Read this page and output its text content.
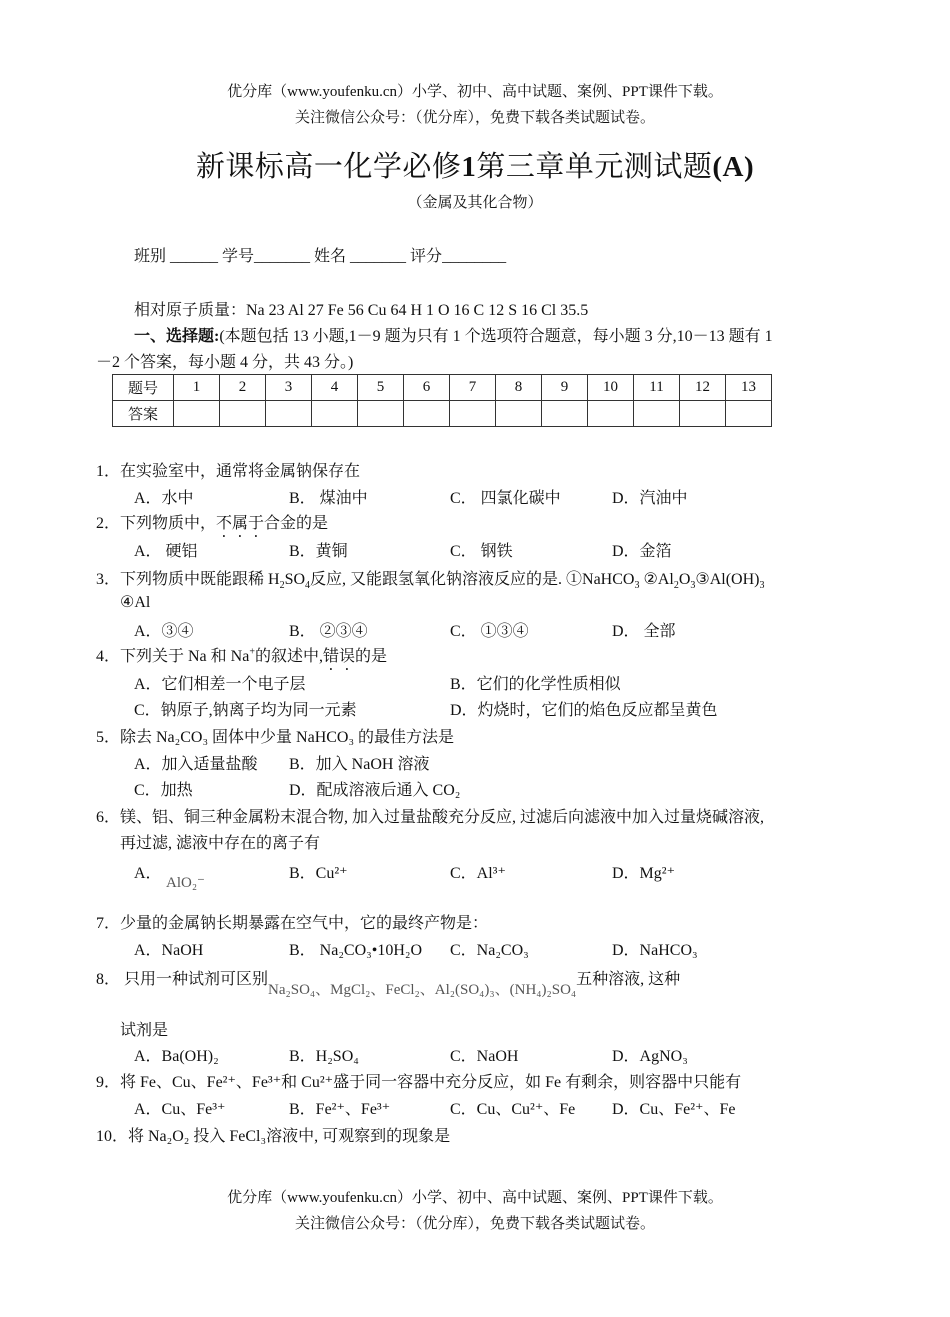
优分库（www.youfenku.cn）小学、初中、高中试题、案例、PPT课件下载。
关注微信公众号：（优分库），免费下载各类试题试卷。
新课标高一化学必修1第三章单元测试题(A)
（金属及其化合物）
班别 ______ 学号_______ 姓名 _______ 评分________
相对原子质量：Na 23 Al 27 Fe 56 Cu 64 H 1 O 16 C 12 S 16 Cl 35.5
一、选择题:(本题包括 13 小题,1－9 题为只有 1 个选项符合题意，每小题 3 分,10－13 题有 1
－2 个答案，每小题 4 分，共 43 分。)
题号	1	2	3	4	5	6	7	8	9	10	11	12	13
答案													
1．在实验室中，通常将金属钠保存在
A．水中	B． 煤油中	C． 四氯化碳中	D．汽油中
2．下列物质中，不属于合金的是
A． 硬铝	B．黄铜	C． 钢铁	D．金箔
3．下列物质中既能跟稀 $H_2SO_4$反应, 又能跟氢氧化钠溶液反应的是. ①NaHCO$_3$ $②Al_2O_3③Al(OH)_3$
④Al
A．③④	B． ②③④	C． ①③④	D． 全部
4．下列关于 Na 和 Na+的叙述中,错误的是
A．它们相差一个电子层	B．它们的化学性质相似
C．钠原子,钠离子均为同一元素	D．灼烧时，它们的焰色反应都呈黄色
5．除去 Na₂CO₃ 固体中少量 NaHCO₃ 的最佳方法是
A．加入适量盐酸 B．加入 NaOH 溶液
C．加热	D．配成溶液后通入 CO₂
6．镁、铝、铜三种金属粉末混合物, 加入过量盐酸充分反应, 过滤后向滤液中加入过量烧碱溶液,
再过滤, 滤液中存在的离子有
A．
AlO₂⁻
B．Cu²⁺	C．Al³⁺	D．Mg²⁺
7．少量的金属钠长期暴露在空气中，它的最终产物是：
A．NaOH	B． Na₂CO₃•10H₂O C．Na₂CO₃	D．NaHCO₃
8． 只用一种试剂可区别Na₂SO₄、MgCl₂、FeCl₂、Al₂(SO₄)₃、(NH₄)₂SO₄五种溶液, 这种
试剂是
A．Ba(OH)₂	B．H₂SO₄	C．NaOH	D．AgNO₃
9．将 Fe、Cu、Fe²⁺、Fe³⁺和 Cu²⁺盛于同一容器中充分反应，如 Fe 有剩余，则容器中只能有
A．Cu、Fe³⁺	B．Fe²⁺、Fe³⁺	C．Cu、Cu²⁺、Fe D．Cu、Fe²⁺、Fe
10．将 Na₂O₂ 投入 FeCl₃溶液中, 可观察到的现象是
优分库（www.youfenku.cn）小学、初中、高中试题、案例、PPT课件下载。
关注微信公众号：（优分库），免费下载各类试题试卷。
